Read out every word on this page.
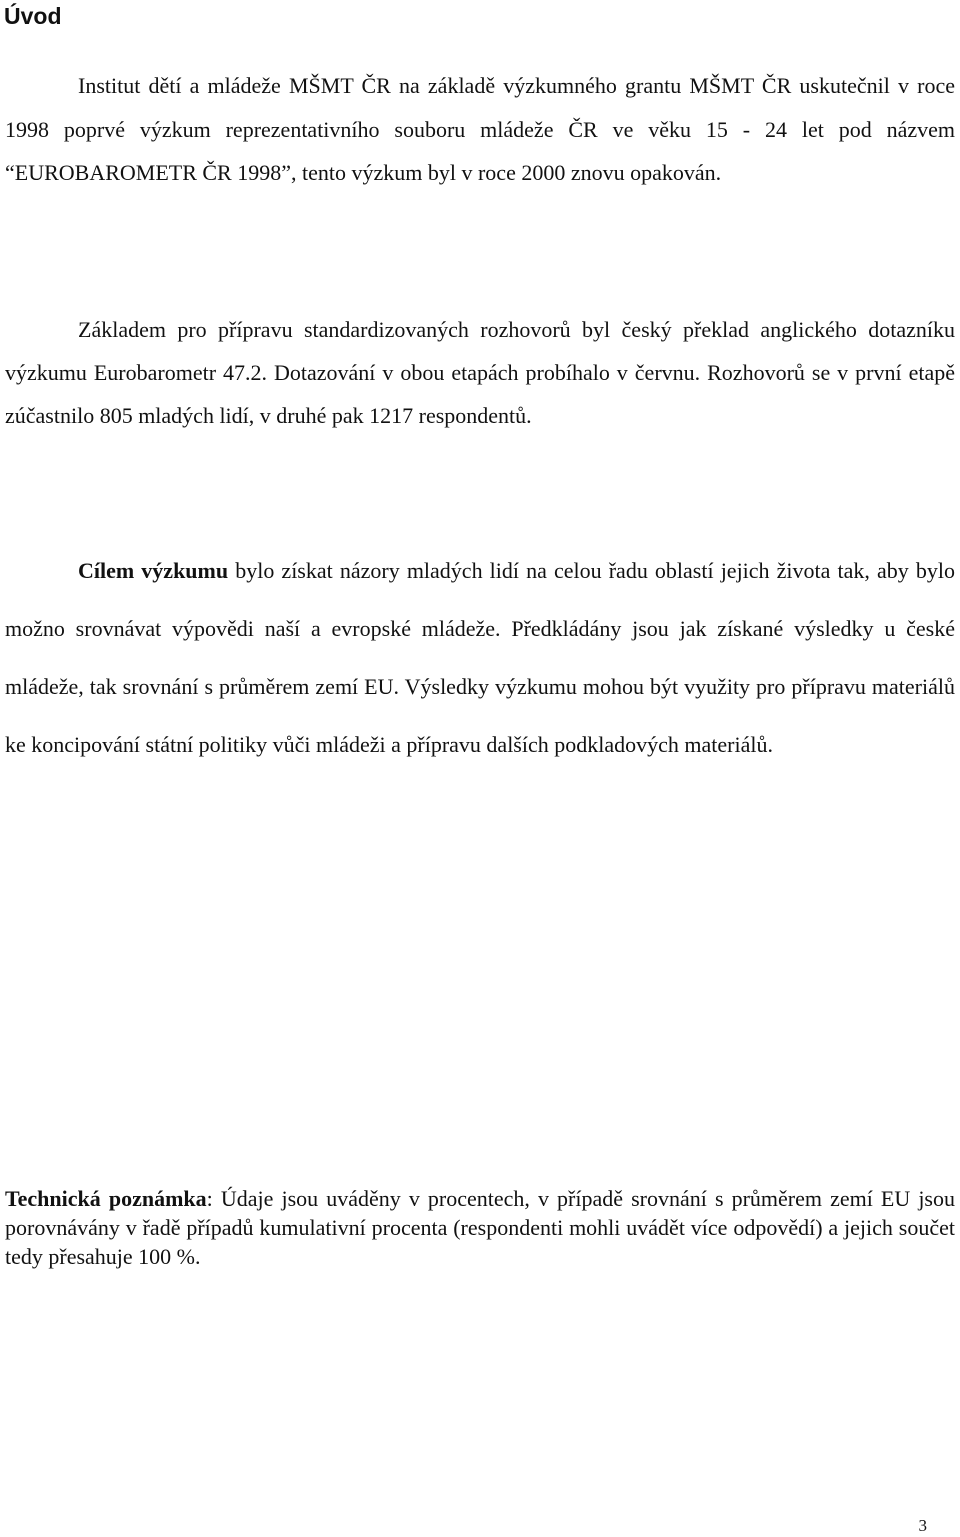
Úvod

Institut dětí a mládeže MŠMT ČR na základě výzkumného grantu MŠMT ČR uskutečnil v roce 1998 poprvé výzkum reprezentativního souboru mládeže ČR ve věku 15 - 24 let pod názvem “EUROBAROMETR ČR 1998”, tento výzkum byl v roce 2000 znovu opakován.

Základem pro přípravu standardizovaných rozhovorů byl český překlad anglického dotazníku výzkumu Eurobarometr 47.2. Dotazování v obou etapách probíhalo v červnu. Rozhovorů se v první etapě zúčastnilo 805 mladých lidí, v druhé pak 1217 respondentů.

Cílem výzkumu bylo získat názory mladých lidí na celou řadu oblastí jejich života tak, aby bylo možno srovnávat výpovědi naší a evropské mládeže. Předkládány jsou jak získané výsledky u české mládeže, tak srovnání s průměrem zemí EU. Výsledky výzkumu mohou být využity pro přípravu materiálů ke koncipování státní politiky vůči mládeži a přípravu dalších podkladových materiálů.

Technická poznámka: Údaje jsou uváděny v procentech, v případě srovnání s průměrem zemí EU jsou porovnávány v řadě případů kumulativní procenta (respondenti mohli uvádět více odpovědí) a jejich součet tedy přesahuje 100 %.

3
